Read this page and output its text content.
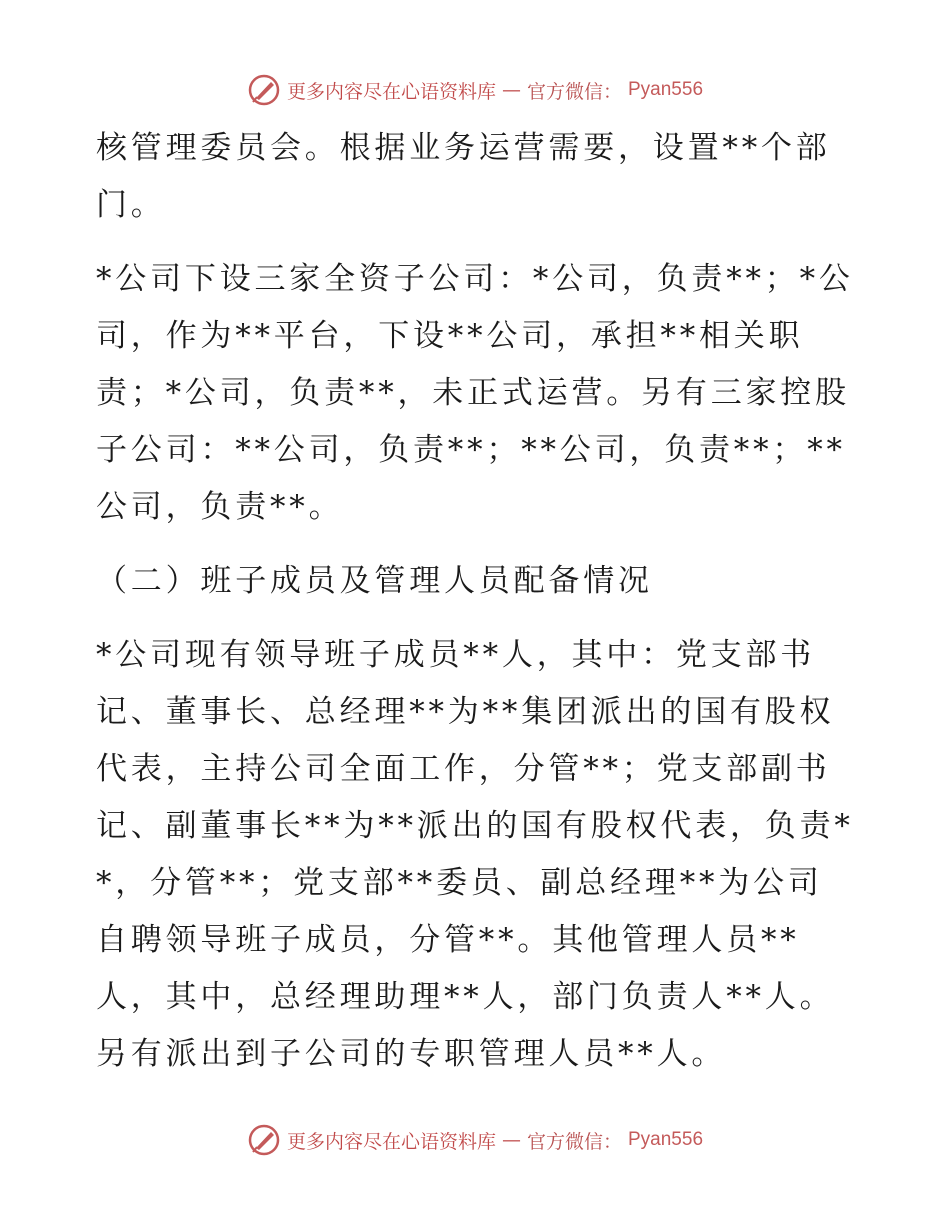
更多内容尽在心语资料库 — 官方微信： Pyan556

核管理委员会。根据业务运营需要，设置**个部门。

*公司下设三家全资子公司：*公司，负责**；*公司，作为**平台，下设**公司，承担**相关职责；*公司，负责**，未正式运营。另有三家控股子公司：**公司，负责**；**公司，负责**；**公司，负责**。

（二）班子成员及管理人员配备情况

*公司现有领导班子成员**人，其中：党支部书记、董事长、总经理**为**集团派出的国有股权代表，主持公司全面工作，分管**；党支部副书记、副董事长**为**派出的国有股权代表，负责**，分管**；党支部**委员、副总经理**为公司自聘领导班子成员，分管**。其他管理人员**人，其中，总经理助理**人，部门负责人**人。另有派出到子公司的专职管理人员**人。

更多内容尽在心语资料库 — 官方微信： Pyan556
